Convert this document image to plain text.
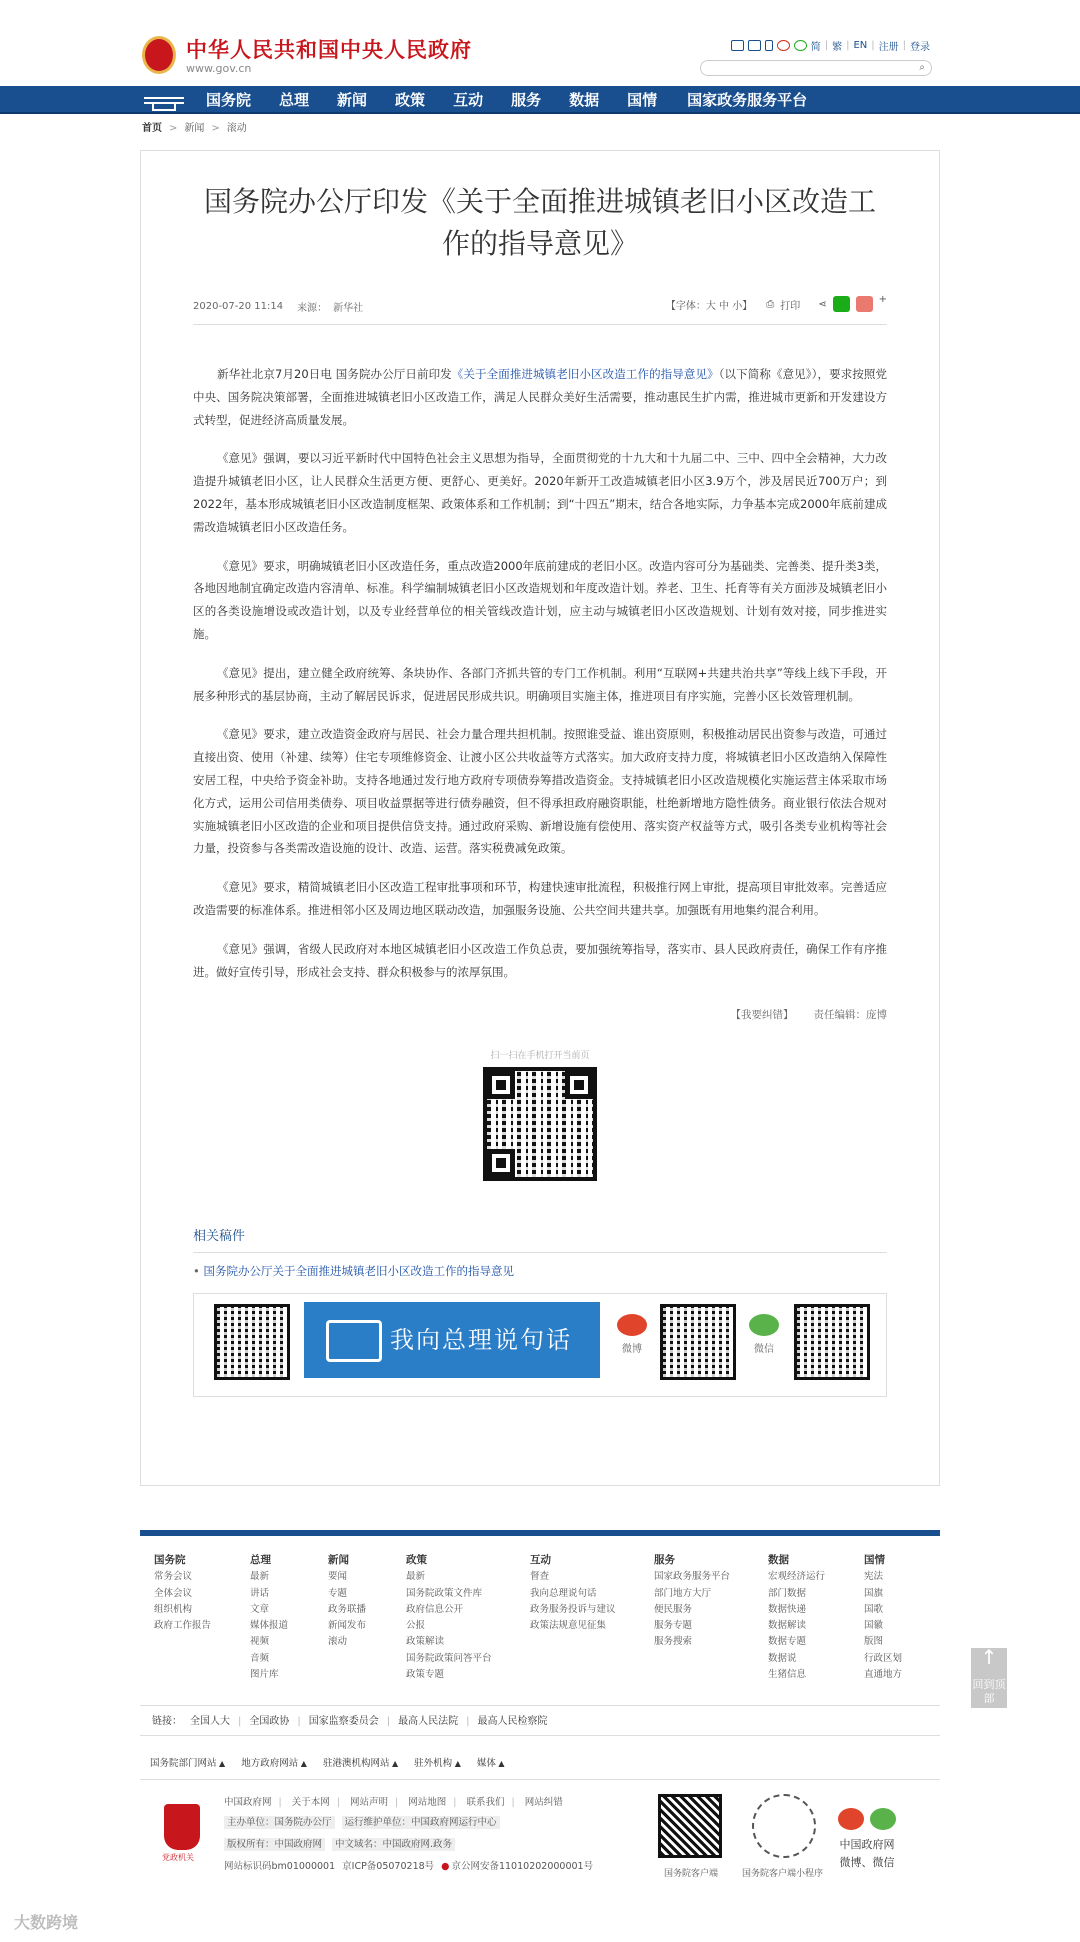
中华人民共和国中央人民政府
www.gov.cn
简 | 繁 | EN | 注册 | 登录
⌕
国务院	总理	新闻	政策	互动	服务	数据	国情	国家政务服务平台
首页 > 新闻 > 滚动
国务院办公厅印发《关于全面推进城镇老旧小区改造工作的指导意见》
2020-07-20 11:14 来源： 新华社	【字体：大 中 小】 ⎙ 打印 ⋖	+

新华社北京7月20日电 国务院办公厅日前印发《关于全面推进城镇老旧小区改造工作的指导意见》（以下简称《意见》），要求按照党中央、国务院决策部署，全面推进城镇老旧小区改造工作，满足人民群众美好生活需要，推动惠民生扩内需，推进城市更新和开发建设方式转型，促进经济高质量发展。

《意见》强调，要以习近平新时代中国特色社会主义思想为指导，全面贯彻党的十九大和十九届二中、三中、四中全会精神，大力改造提升城镇老旧小区，让人民群众生活更方便、更舒心、更美好。2020年新开工改造城镇老旧小区3.9万个，涉及居民近700万户；到2022年，基本形成城镇老旧小区改造制度框架、政策体系和工作机制；到“十四五”期末，结合各地实际，力争基本完成2000年底前建成需改造城镇老旧小区改造任务。

《意见》要求，明确城镇老旧小区改造任务，重点改造2000年底前建成的老旧小区。改造内容可分为基础类、完善类、提升类3类，各地因地制宜确定改造内容清单、标准。科学编制城镇老旧小区改造规划和年度改造计划。养老、卫生、托育等有关方面涉及城镇老旧小区的各类设施增设或改造计划，以及专业经营单位的相关管线改造计划，应主动与城镇老旧小区改造规划、计划有效对接，同步推进实施。

《意见》提出，建立健全政府统筹、条块协作、各部门齐抓共管的专门工作机制。利用“互联网+共建共治共享”等线上线下手段，开展多种形式的基层协商，主动了解居民诉求，促进居民形成共识。明确项目实施主体，推进项目有序实施，完善小区长效管理机制。

《意见》要求，建立改造资金政府与居民、社会力量合理共担机制。按照谁受益、谁出资原则，积极推动居民出资参与改造，可通过直接出资、使用（补建、续筹）住宅专项维修资金、让渡小区公共收益等方式落实。加大政府支持力度，将城镇老旧小区改造纳入保障性安居工程，中央给予资金补助。支持各地通过发行地方政府专项债券筹措改造资金。支持城镇老旧小区改造规模化实施运营主体采取市场化方式，运用公司信用类债券、项目收益票据等进行债券融资，但不得承担政府融资职能，杜绝新增地方隐性债务。商业银行依法合规对实施城镇老旧小区改造的企业和项目提供信贷支持。通过政府采购、新增设施有偿使用、落实资产权益等方式，吸引各类专业机构等社会力量，投资参与各类需改造设施的设计、改造、运营。落实税费减免政策。

《意见》要求，精简城镇老旧小区改造工程审批事项和环节，构建快速审批流程，积极推行网上审批，提高项目审批效率。完善适应改造需要的标准体系。推进相邻小区及周边地区联动改造，加强服务设施、公共空间共建共享。加强既有用地集约混合利用。

《意见》强调，省级人民政府对本地区城镇老旧小区改造工作负总责，要加强统筹指导，落实市、县人民政府责任，确保工作有序推进。做好宣传引导，形成社会支持、群众积极参与的浓厚氛围。

【我要纠错】 责任编辑：庞博
扫一扫在手机打开当前页
相关稿件
• 国务院办公厅关于全面推进城镇老旧小区改造工作的指导意见
我向总理说句话	微博	微信
↑ 回到顶部
国务院
常务会议
全体会议
组织机构
政府工作报告
总理
最新
讲话
文章
媒体报道
视频
音频
图片库
新闻
要闻
专题
政务联播
新闻发布
滚动
政策
最新
国务院政策文件库
政府信息公开
公报
政策解读
国务院政策问答平台
政策专题
互动
督查
我向总理说句话
政务服务投诉与建议
政策法规意见征集
服务
国家政务服务平台
部门地方大厅
便民服务
服务专题
服务搜索
数据
宏观经济运行
部门数据
数据快递
数据解读
数据专题
数据说
生猪信息
国情
宪法
国旗
国歌
国徽
版图
行政区划
直通地方
链接： 全国人大 | 全国政协 | 国家监察委员会 | 最高人民法院 | 最高人民检察院
国务院部门网站 ▲	地方政府网站 ▲	驻港澳机构网站 ▲	驻外机构 ▲	媒体 ▲
党政机关
中国政府网 | 关于本网 | 网站声明 | 网站地图 | 联系我们 | 网站纠错
主办单位：国务院办公厅 运行维护单位：中国政府网运行中心
版权所有：中国政府网 中文域名：中国政府网.政务
网站标识码bm01000001 京ICP备05070218号 ● 京公网安备11010202000001号
国务院客户端	国务院客户端小程序
中国政府网
微博、微信
大数跨境
